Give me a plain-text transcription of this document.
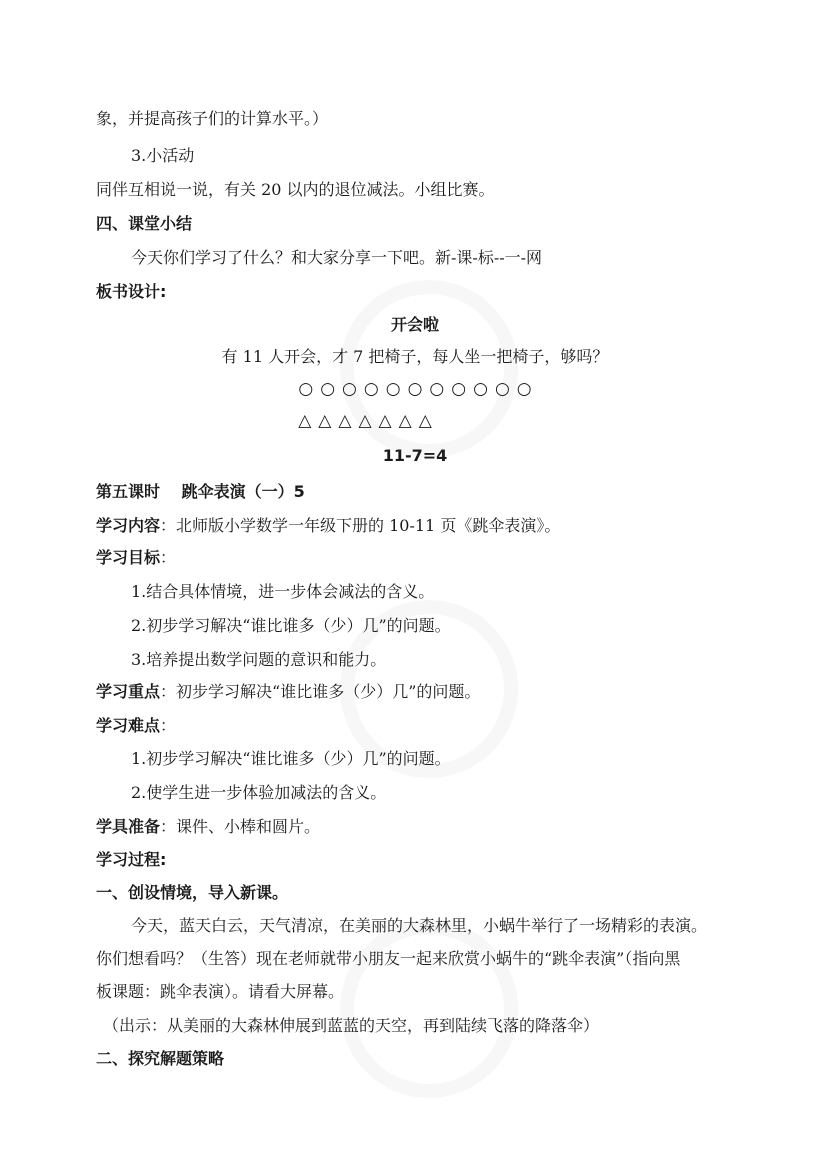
象，并提高孩子们的计算水平。）
3.小活动
同伴互相说一说，有关 20 以内的退位减法。小组比赛。
四、课堂小结
今天你们学习了什么？和大家分享一下吧。新-课-标--一-网
板书设计:
开会啦
有 11 人开会，才 7 把椅子，每人坐一把椅子，够吗？
○ ○ ○ ○ ○ ○ ○ ○ ○ ○ ○
△ △ △ △ △ △ △
11-7=4
第五课时　 跳伞表演（一）5
学习内容：北师版小学数学一年级下册的 10-11 页《跳伞表演》。
学习目标：
1.结合具体情境，进一步体会减法的含义。
2.初步学习解决“谁比谁多（少）几”的问题。
3.培养提出数学问题的意识和能力。
学习重点：初步学习解决“谁比谁多（少）几”的问题。
学习难点：
1.初步学习解决“谁比谁多（少）几”的问题。
2.使学生进一步体验加减法的含义。
学具准备：课件、小棒和圆片。
学习过程:
一、创设情境，导入新课。
今天，蓝天白云，天气清凉，在美丽的大森林里，小蜗牛举行了一场精彩的表演。
你们想看吗？（生答）现在老师就带小朋友一起来欣赏小蜗牛的“跳伞表演”（指向黑
板课题：跳伞表演）。请看大屏幕。
（出示：从美丽的大森林伸展到蓝蓝的天空，再到陆续飞落的降落伞）
二、探究解题策略
